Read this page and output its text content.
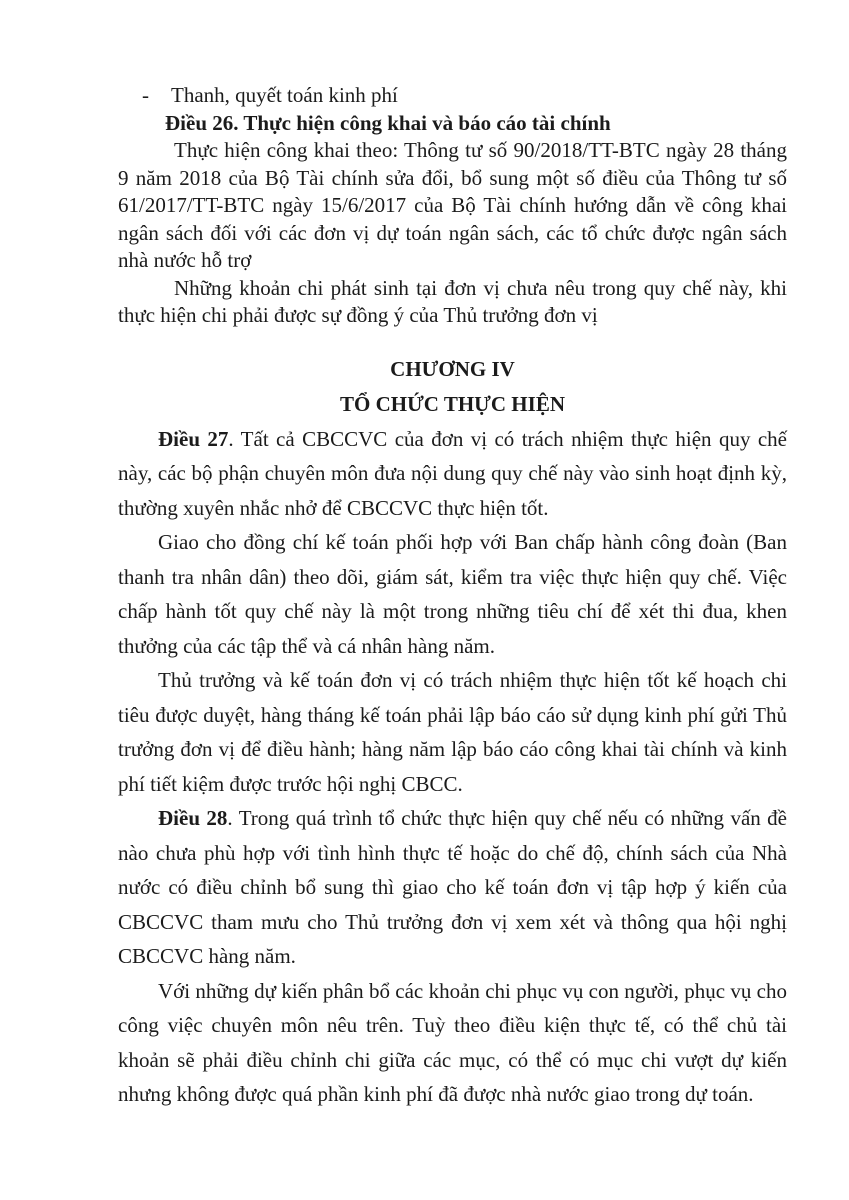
- Thanh, quyết toán kinh phí
Điều 26. Thực hiện công khai và báo cáo tài chính

Thực hiện công khai theo: Thông tư số 90/2018/TT-BTC ngày 28 tháng 9 năm 2018 của Bộ Tài chính sửa đổi, bổ sung một số điều của Thông tư số 61/2017/TT-BTC ngày 15/6/2017 của Bộ Tài chính hướng dẫn về công khai ngân sách đối với các đơn vị dự toán ngân sách, các tổ chức được ngân sách nhà nước hỗ trợ

Những khoản chi phát sinh tại đơn vị chưa nêu trong quy chế này, khi thực hiện chi phải được sự đồng ý của Thủ trưởng đơn vị

CHƯƠNG IV
TỔ CHỨC THỰC HIỆN

Điều 27. Tất cả CBCCVC của đơn vị có trách nhiệm thực hiện quy chế này, các bộ phận chuyên môn đưa nội dung quy chế này vào sinh hoạt định kỳ, thường xuyên nhắc nhở để CBCCVC thực hiện tốt.

Giao cho đồng chí kế toán phối hợp với Ban chấp hành công đoàn (Ban thanh tra nhân dân) theo dõi, giám sát, kiểm tra việc thực hiện quy chế. Việc chấp hành tốt quy chế này là một trong những tiêu chí để xét thi đua, khen thưởng của các tập thể và cá nhân hàng năm.

Thủ trưởng và kế toán đơn vị có trách nhiệm thực hiện tốt kế hoạch chi tiêu được duyệt, hàng tháng kế toán phải lập báo cáo sử dụng kinh phí gửi Thủ trưởng đơn vị để điều hành; hàng năm lập báo cáo công khai tài chính và kinh phí tiết kiệm được trước hội nghị CBCC.

Điều 28. Trong quá trình tổ chức thực hiện quy chế nếu có những vấn đề nào chưa phù hợp với tình hình thực tế hoặc do chế độ, chính sách của Nhà nước có điều chỉnh bổ sung thì giao cho kế toán đơn vị tập hợp ý kiến của CBCCVC tham mưu cho Thủ trưởng đơn vị xem xét và thông qua hội nghị CBCCVC hàng năm.

Với những dự kiến phân bổ các khoản chi phục vụ con người, phục vụ cho công việc chuyên môn nêu trên. Tuỳ theo điều kiện thực tế, có thể chủ tài khoản sẽ phải điều chỉnh chi giữa các mục, có thể có mục chi vượt dự kiến nhưng không được quá phần kinh phí đã được nhà nước giao trong dự toán.
